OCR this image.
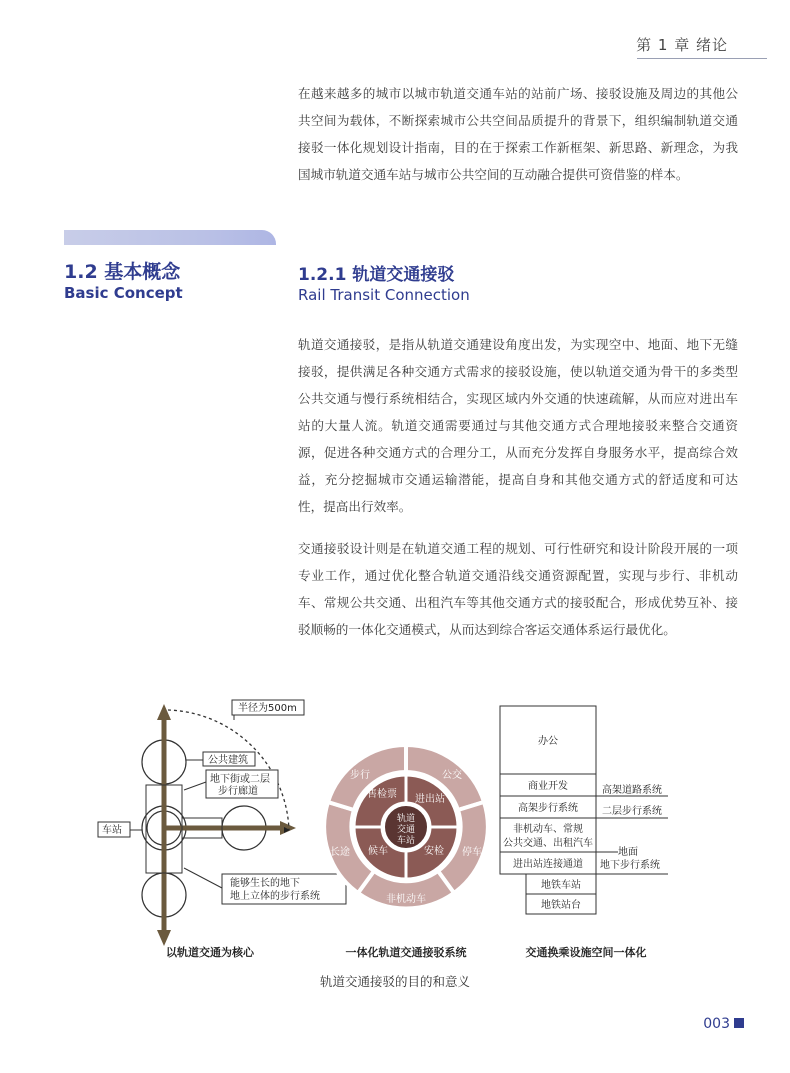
第 1 章 绪论

在越来越多的城市以城市轨道交通车站的站前广场、接驳设施及周边的其他公共空间为载体，不断探索城市公共空间品质提升的背景下，组织编制轨道交通接驳一体化规划设计指南，目的在于探索工作新框架、新思路、新理念，为我国城市轨道交通车站与城市公共空间的互动融合提供可资借鉴的样本。

1.2 基本概念
Basic Concept
1.2.1 轨道交通接驳
Rail Transit Connection

轨道交通接驳，是指从轨道交通建设角度出发，为实现空中、地面、地下无缝接驳，提供满足各种交通方式需求的接驳设施，使以轨道交通为骨干的多类型公共交通与慢行系统相结合，实现区域内外交通的快速疏解，从而应对进出车站的大量人流。轨道交通需要通过与其他交通方式合理地接驳来整合交通资源，促进各种交通方式的合理分工，从而充分发挥自身服务水平，提高综合效益，充分挖掘城市交通运输潜能，提高自身和其他交通方式的舒适度和可达性，提高出行效率。

交通接驳设计则是在轨道交通工程的规划、可行性研究和设计阶段开展的一项专业工作，通过优化整合轨道交通沿线交通资源配置，实现与步行、非机动车、常规公共交通、出租汽车等其他交通方式的接驳配合，形成优势互补、接驳顺畅的一体化交通模式，从而达到综合客运交通体系运行最优化。

半径为500m
公共建筑
地下街或二层
步行廊道
车站
能够生长的地下
地上立体的步行系统
以轨道交通为核心
轨道
交通
车站
步行	公交
停车
非机动车
长途
售检票 进出站
安检
候车
一体化轨道交通接驳系统
办公
商业开发
高架步行系统
非机动车、常规
公共交通、出租汽车
进出站连接通道
地铁车站
地铁站台
高架道路系统
二层步行系统
地面
地下步行系统
交通换乘设施空间一体化
轨道交通接驳的目的和意义
003
